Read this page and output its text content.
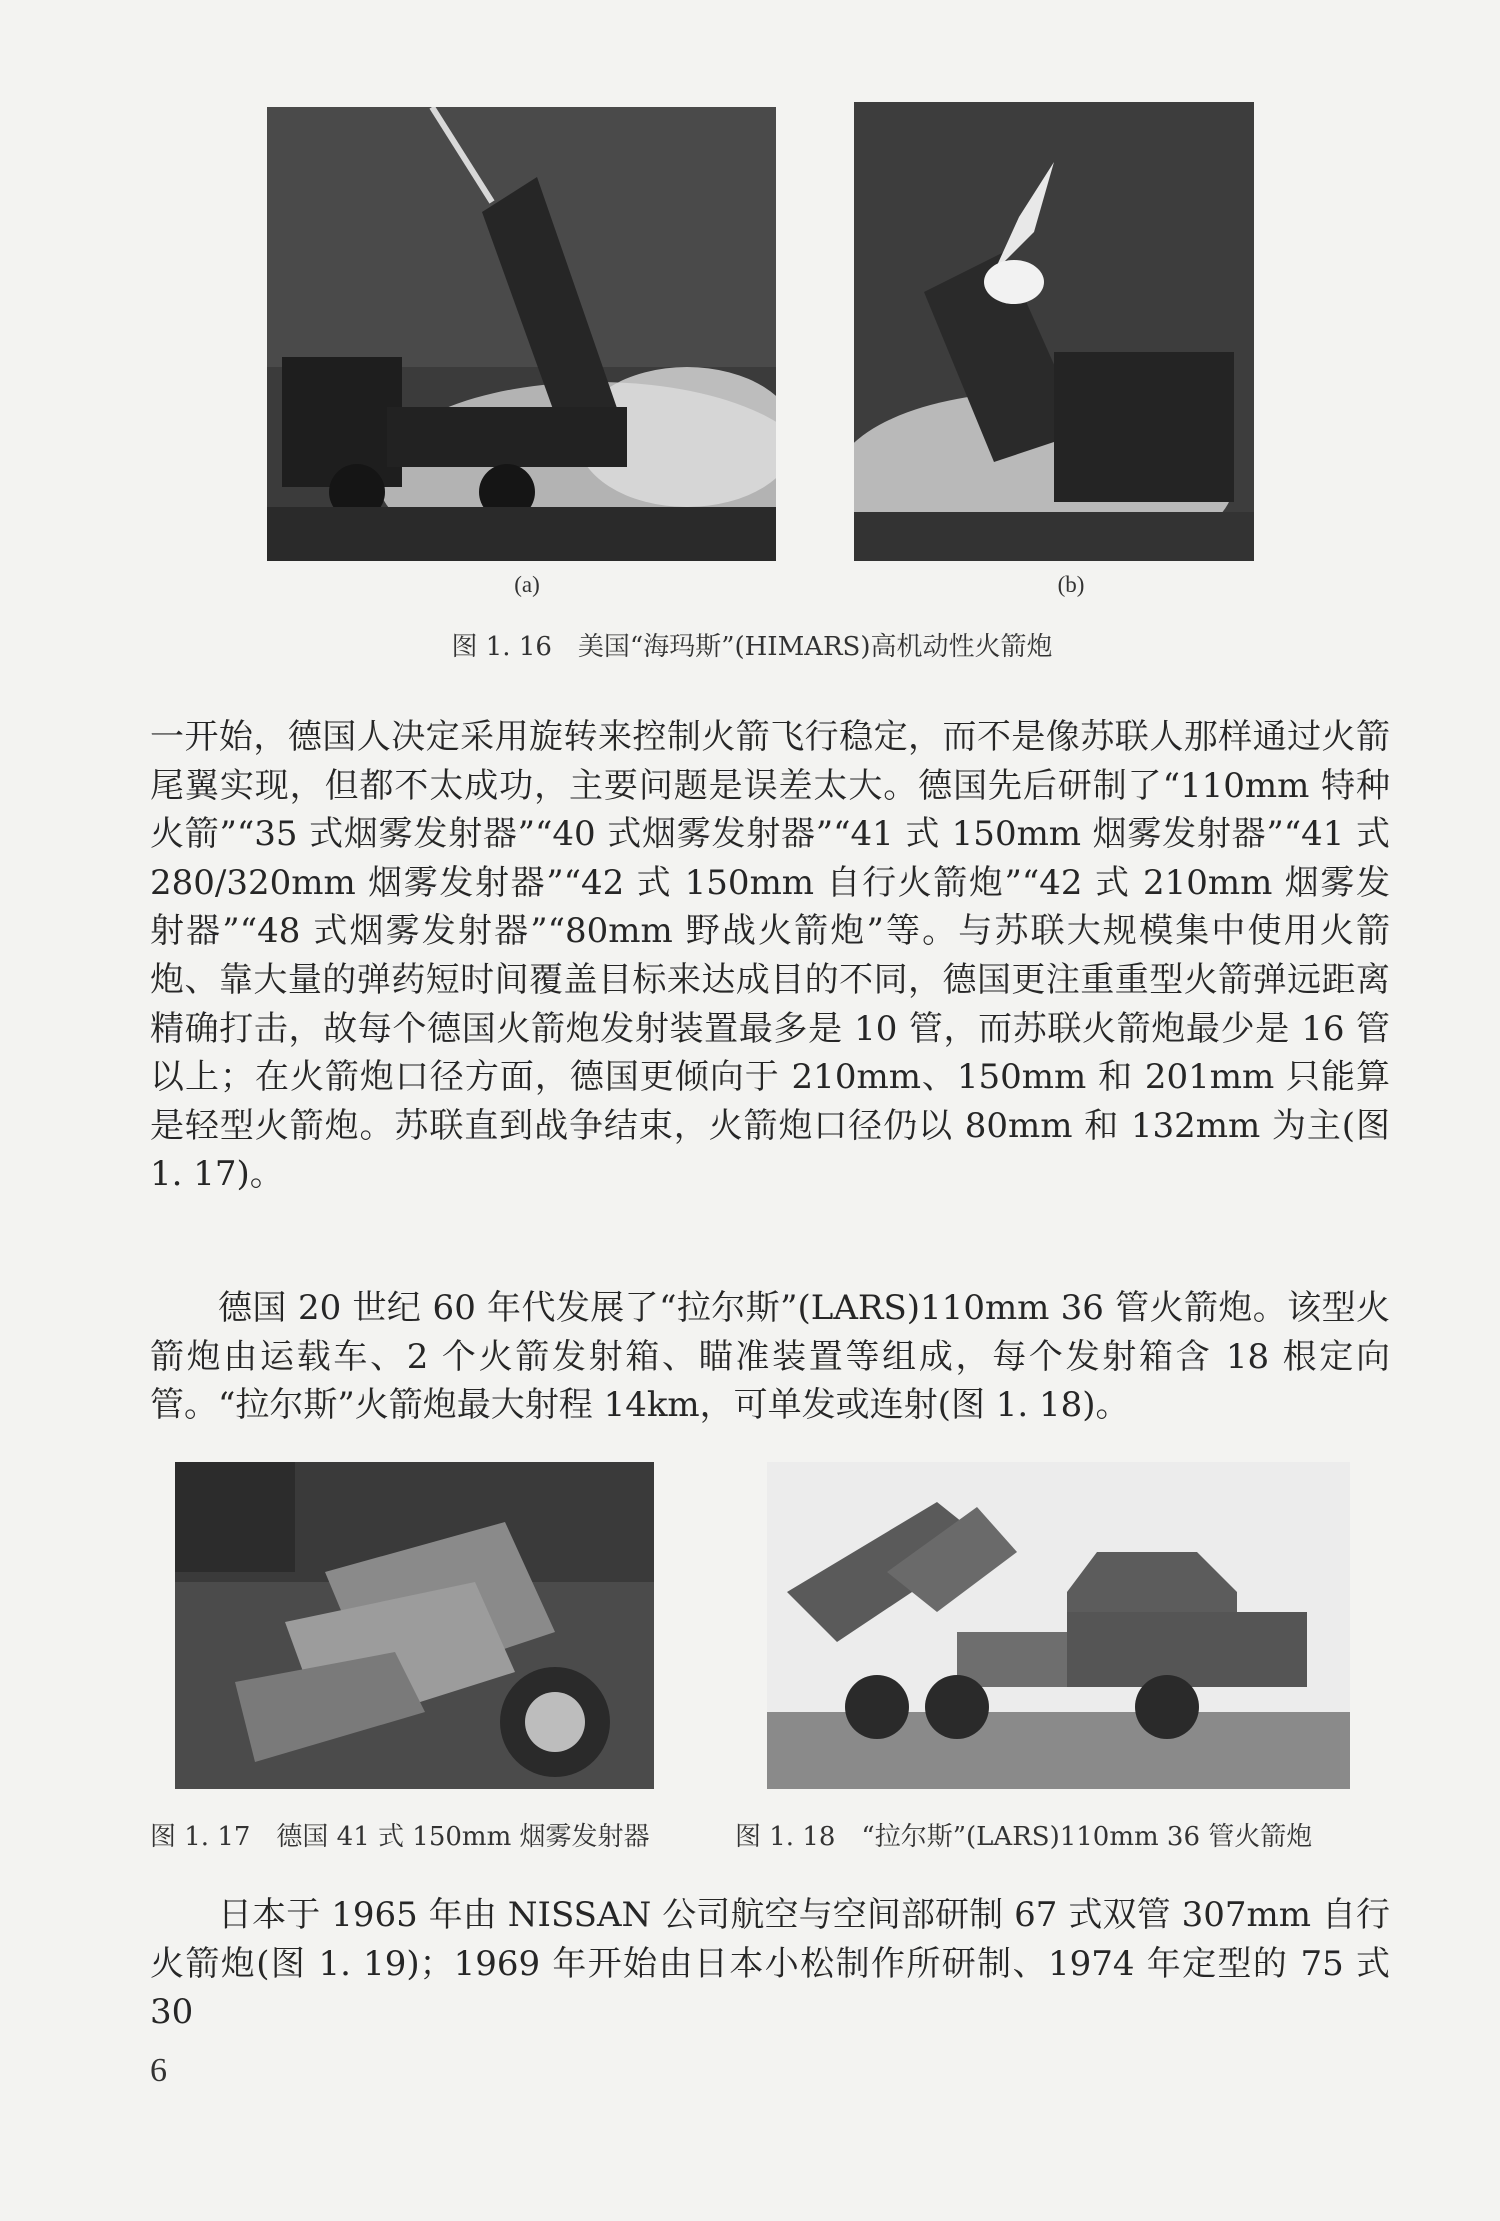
(a)	(b)
图 1. 16　美国“海玛斯”(HIMARS)高机动性火箭炮

一开始，德国人决定采用旋转来控制火箭飞行稳定，而不是像苏联人那样通过火箭尾翼实现，但都不太成功，主要问题是误差太大。德国先后研制了“110mm 特种火箭”“35 式烟雾发射器”“40 式烟雾发射器”“41 式 150mm 烟雾发射器”“41 式 280/320mm 烟雾发射器”“42 式 150mm 自行火箭炮”“42 式 210mm 烟雾发射器”“48 式烟雾发射器”“80mm 野战火箭炮”等。与苏联大规模集中使用火箭炮、靠大量的弹药短时间覆盖目标来达成目的不同，德国更注重重型火箭弹远距离精确打击，故每个德国火箭炮发射装置最多是 10 管，而苏联火箭炮最少是 16 管以上；在火箭炮口径方面，德国更倾向于 210mm、150mm 和 201mm 只能算是轻型火箭炮。苏联直到战争结束，火箭炮口径仍以 80mm 和 132mm 为主(图 1. 17)。

德国 20 世纪 60 年代发展了“拉尔斯”(LARS)110mm 36 管火箭炮。该型火箭炮由运载车、2 个火箭发射箱、瞄准装置等组成，每个发射箱含 18 根定向管。“拉尔斯”火箭炮最大射程 14km，可单发或连射(图 1. 18)。

图 1. 17　德国 41 式 150mm 烟雾发射器	图 1. 18　“拉尔斯”(LARS)110mm 36 管火箭炮

日本于 1965 年由 NISSAN 公司航空与空间部研制 67 式双管 307mm 自行火箭炮(图 1. 19)；1969 年开始由日本小松制作所研制、1974 年定型的 75 式 30

6
